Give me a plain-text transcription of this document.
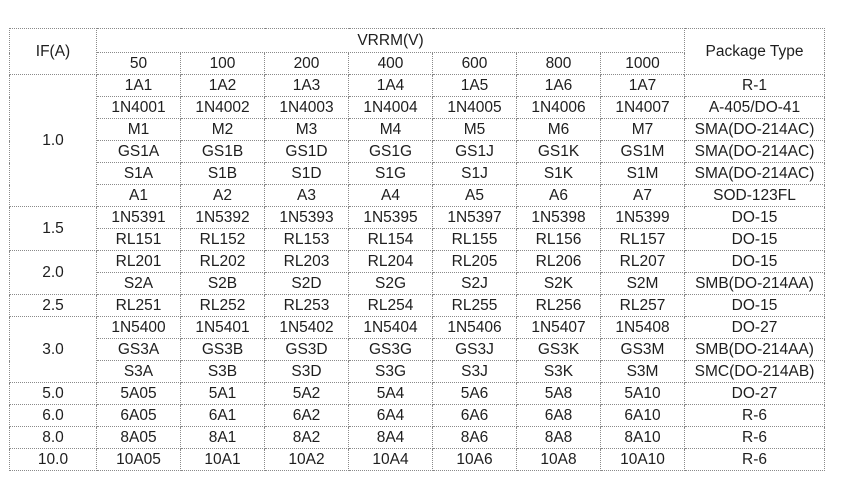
IF(A)	VRRM(V)							Package Type
	50	100	200	400	600	800	1000	
1.0	1A1	1A2	1A3	1A4	1A5	1A6	1A7	R-1
	1N4001	1N4002	1N4003	1N4004	1N4005	1N4006	1N4007	A-405/DO-41
	M1	M2	M3	M4	M5	M6	M7	SMA(DO-214AC)
	GS1A	GS1B	GS1D	GS1G	GS1J	GS1K	GS1M	SMA(DO-214AC)
	S1A	S1B	S1D	S1G	S1J	S1K	S1M	SMA(DO-214AC)
	A1	A2	A3	A4	A5	A6	A7	SOD-123FL
1.5	1N5391	1N5392	1N5393	1N5395	1N5397	1N5398	1N5399	DO-15
	RL151	RL152	RL153	RL154	RL155	RL156	RL157	DO-15
2.0	RL201	RL202	RL203	RL204	RL205	RL206	RL207	DO-15
	S2A	S2B	S2D	S2G	S2J	S2K	S2M	SMB(DO-214AA)
2.5	RL251	RL252	RL253	RL254	RL255	RL256	RL257	DO-15
3.0	1N5400	1N5401	1N5402	1N5404	1N5406	1N5407	1N5408	DO-27
	GS3A	GS3B	GS3D	GS3G	GS3J	GS3K	GS3M	SMB(DO-214AA)
	S3A	S3B	S3D	S3G	S3J	S3K	S3M	SMC(DO-214AB)
5.0	5A05	5A1	5A2	5A4	5A6	5A8	5A10	DO-27
6.0	6A05	6A1	6A2	6A4	6A6	6A8	6A10	R-6
8.0	8A05	8A1	8A2	8A4	8A6	8A8	8A10	R-6
10.0	10A05	10A1	10A2	10A4	10A6	10A8	10A10	R-6
